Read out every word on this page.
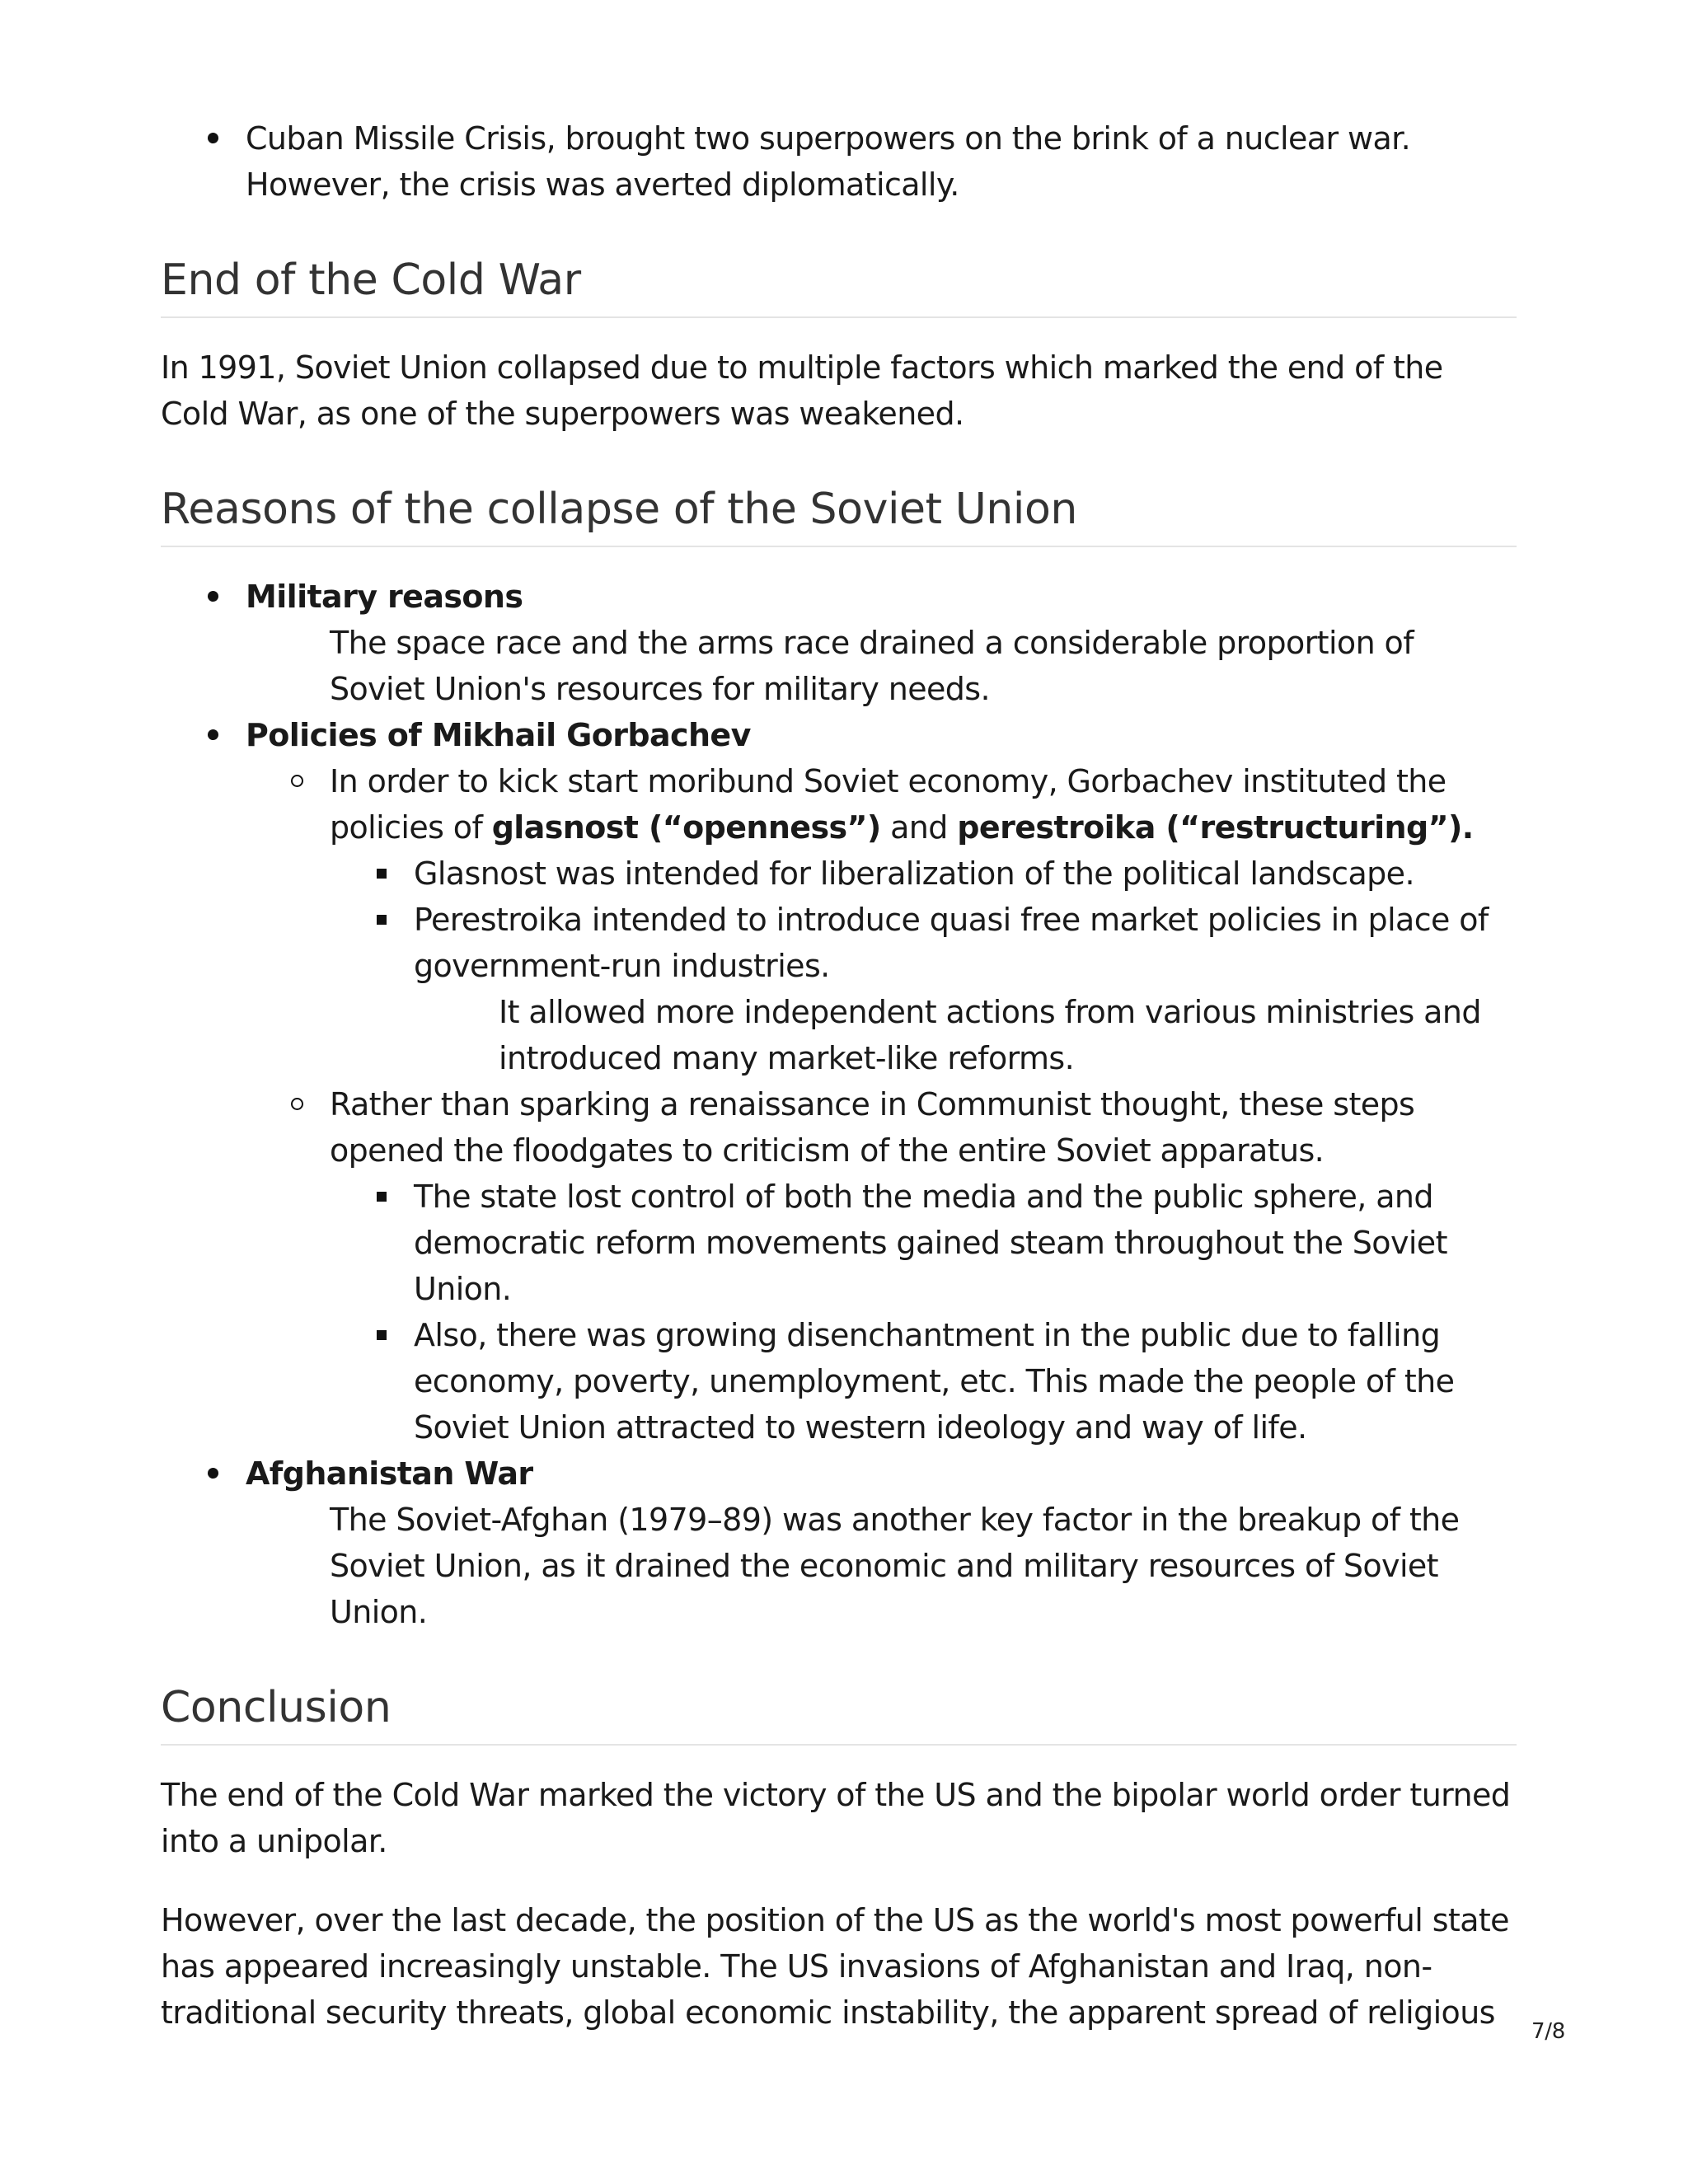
Cuban Missile Crisis, brought two superpowers on the brink of a nuclear war. However, the crisis was averted diplomatically.
End of the Cold War

In 1991, Soviet Union collapsed due to multiple factors which marked the end of the Cold War, as one of the superpowers was weakened.

Reasons of the collapse of the Soviet Union
Military reasons
The space race and the arms race drained a considerable proportion of Soviet Union's resources for military needs.
Policies of Mikhail Gorbachev
In order to kick start moribund Soviet economy, Gorbachev instituted the policies of glasnost (“openness”) and perestroika (“restructuring”).
Glasnost was intended for liberalization of the political landscape.
Perestroika intended to introduce quasi free market policies in place of government-run industries.
It allowed more independent actions from various ministries and introduced many market-like reforms.
Rather than sparking a renaissance in Communist thought, these steps opened the floodgates to criticism of the entire Soviet apparatus.
The state lost control of both the media and the public sphere, and democratic reform movements gained steam throughout the Soviet Union.
Also, there was growing disenchantment in the public due to falling economy, poverty, unemployment, etc. This made the people of the Soviet Union attracted to western ideology and way of life.
Afghanistan War
The Soviet-Afghan (1979–89) was another key factor in the breakup of the Soviet Union, as it drained the economic and military resources of Soviet Union.
Conclusion

The end of the Cold War marked the victory of the US and the bipolar world order turned into a unipolar.

However, over the last decade, the position of the US as the world's most powerful state has appeared increasingly unstable. The US invasions of Afghanistan and Iraq, non-traditional security threats, global economic instability, the apparent spread of religious

7/8
